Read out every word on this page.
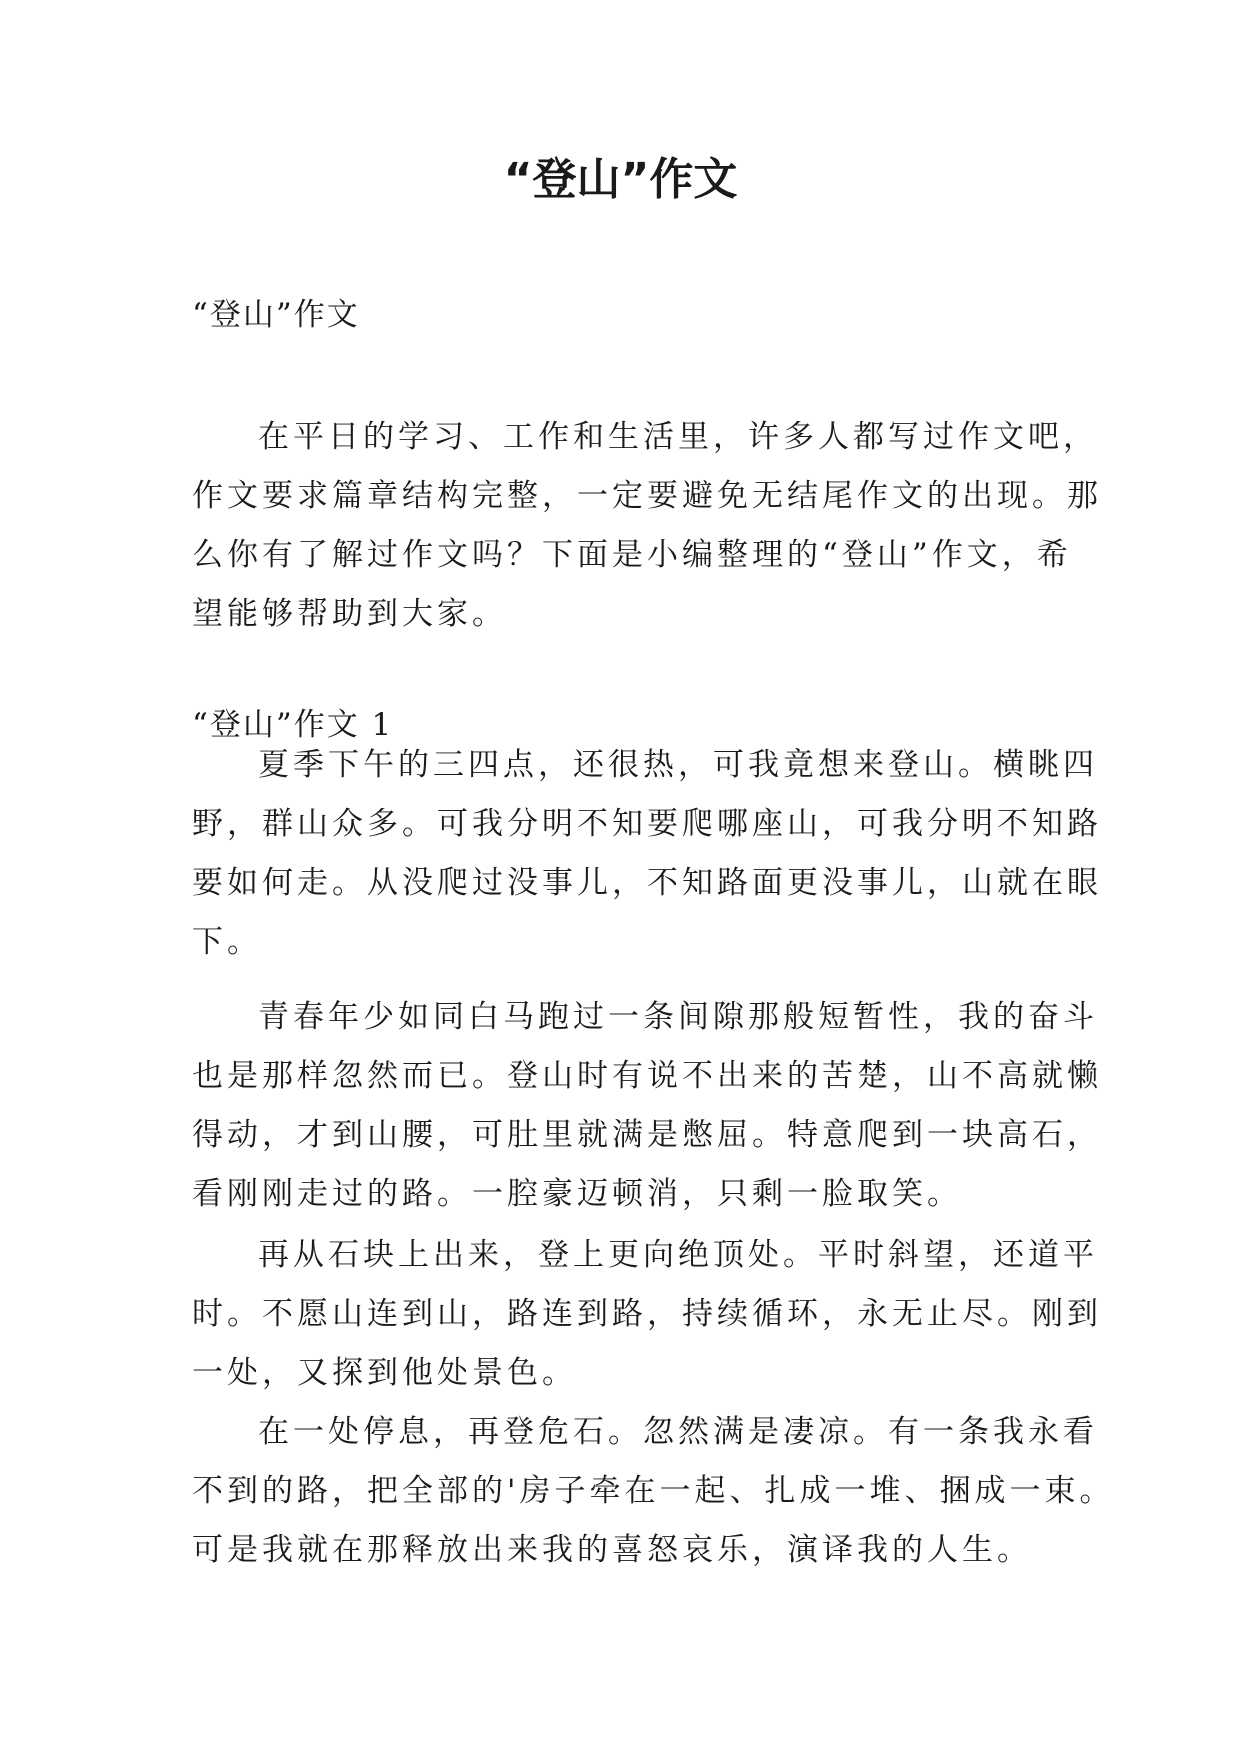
“登山”作文

“登山”作文

在平日的学习、工作和生活里，许多人都写过作文吧，
作文要求篇章结构完整，一定要避免无结尾作文的出现。那
么你有了解过作文吗？下面是小编整理的“登山”作文，希
望能够帮助到大家。

“登山”作文 1

夏季下午的三四点，还很热，可我竟想来登山。横眺四
野，群山众多。可我分明不知要爬哪座山，可我分明不知路
要如何走。从没爬过没事儿，不知路面更没事儿，山就在眼
下。
青春年少如同白马跑过一条间隙那般短暂性，我的奋斗
也是那样忽然而已。登山时有说不出来的苦楚，山不高就懒
得动，才到山腰，可肚里就满是憋屈。特意爬到一块高石，
看刚刚走过的路。一腔豪迈顿消，只剩一脸取笑。
再从石块上出来，登上更向绝顶处。平时斜望，还道平
时。不愿山连到山，路连到路，持续循环，永无止尽。刚到
一处，又探到他处景色。
在一处停息，再登危石。忽然满是凄凉。有一条我永看
不到的路，把全部的'房子牵在一起、扎成一堆、捆成一束。
可是我就在那释放出来我的喜怒哀乐，演译我的人生。
